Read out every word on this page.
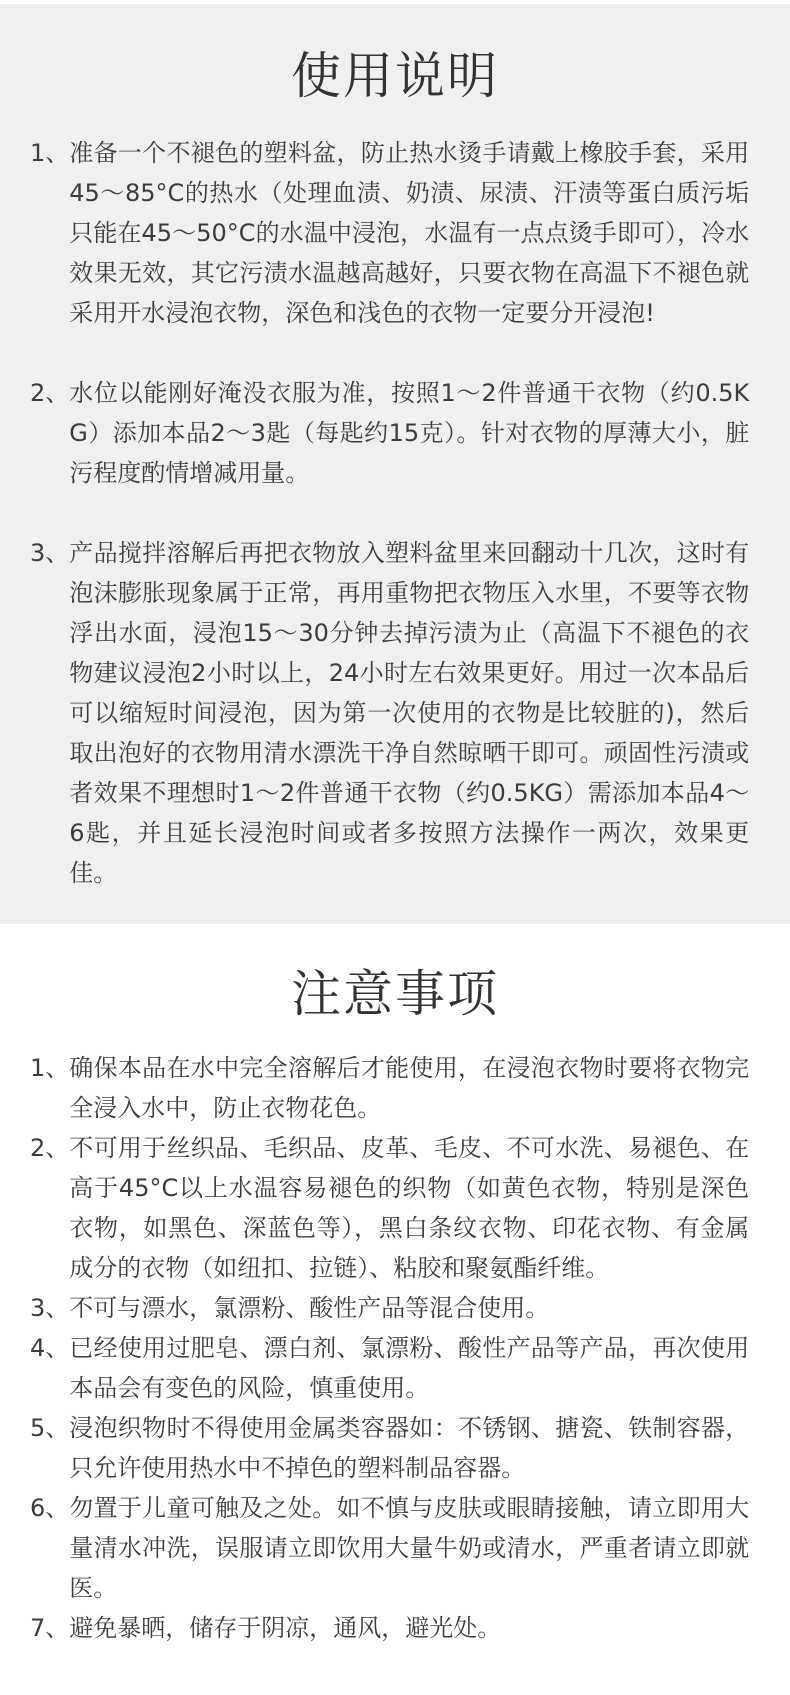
使用说明
1、 准备一个不褪色的塑料盆，防止热水烫手请戴上橡胶手套，采用45～85°C的热水（处理血渍、奶渍、尿渍、汗渍等蛋白质污垢只能在45～50°C的水温中浸泡，水温有一点点烫手即可），冷水效果无效，其它污渍水温越高越好，只要衣物在高温下不褪色就采用开水浸泡衣物，深色和浅色的衣物一定要分开浸泡!
2、 水位以能刚好淹没衣服为准，按照1～2件普通干衣物（约0.5KG）添加本品2～3匙（每匙约15克）。针对衣物的厚薄大小，脏污程度酌情增减用量。
3、 产品搅拌溶解后再把衣物放入塑料盆里来回翻动十几次，这时有泡沫膨胀现象属于正常，再用重物把衣物压入水里，不要等衣物浮出水面，浸泡15～30分钟去掉污渍为止（高温下不褪色的衣物建议浸泡2小时以上，24小时左右效果更好。用过一次本品后可以缩短时间浸泡，因为第一次使用的衣物是比较脏的)，然后取出泡好的衣物用清水漂洗干净自然晾晒干即可。顽固性污渍或者效果不理想时1～2件普通干衣物（约0.5KG）需添加本品4～6匙，并且延长浸泡时间或者多按照方法操作一两次，效果更佳。
注意事项
1、 确保本品在水中完全溶解后才能使用，在浸泡衣物时要将衣物完全浸入水中，防止衣物花色。
2、 不可用于丝织品、毛织品、皮革、毛皮、不可水洗、易褪色、在高于45°C以上水温容易褪色的织物（如黄色衣物，特别是深色衣物，如黑色、深蓝色等），黑白条纹衣物、印花衣物、有金属成分的衣物（如纽扣、拉链）、粘胶和聚氨酯纤维。
3、 不可与漂水，氯漂粉、酸性产品等混合使用。
4、 已经使用过肥皂、漂白剂、氯漂粉、酸性产品等产品，再次使用本品会有变色的风险，慎重使用。
5、 浸泡织物时不得使用金属类容器如：不锈钢、搪瓷、铁制容器，只允许使用热水中不掉色的塑料制品容器。
6、 勿置于儿童可触及之处。如不慎与皮肤或眼睛接触，请立即用大量清水冲洗，误服请立即饮用大量牛奶或清水，严重者请立即就医。
7、 避免暴晒，储存于阴凉，通风，避光处。
